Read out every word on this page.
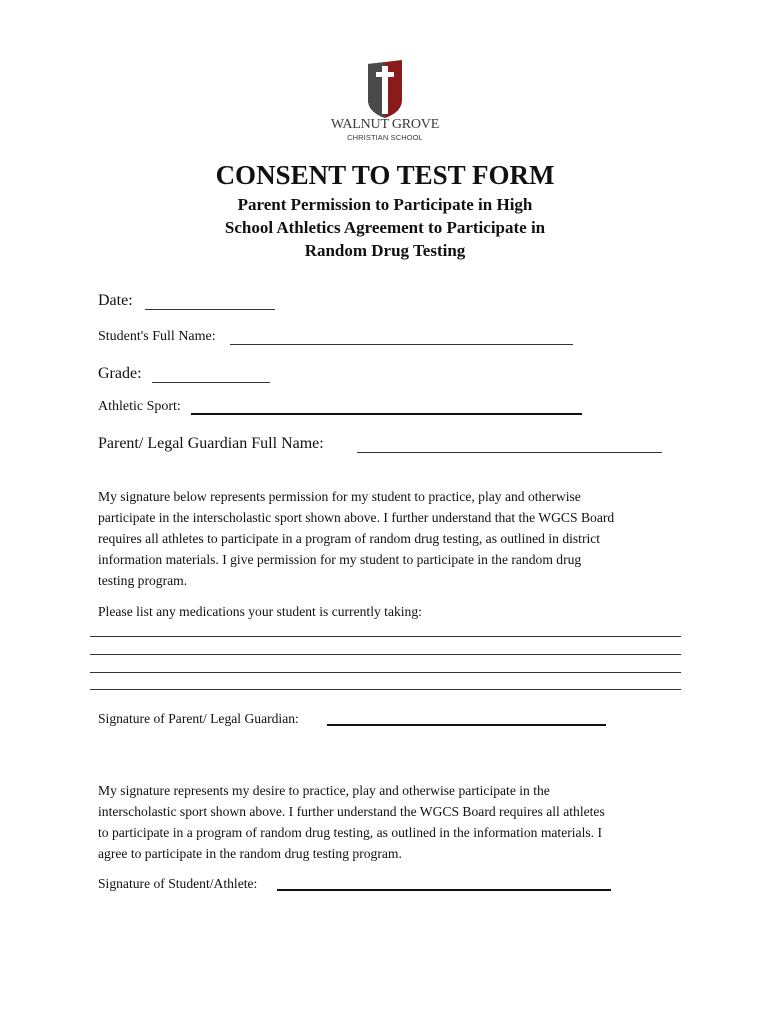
WALNUT GROVE
CHRISTIAN SCHOOL
CONSENT TO TEST FORM
Parent Permission to Participate in High
School Athletics Agreement to Participate in
Random Drug Testing
Date:
Student's Full Name:
Grade:
Athletic Sport:
Parent/ Legal Guardian Full Name:
My signature below represents permission for my student to practice, play and otherwise
participate in the interscholastic sport shown above. I further understand that the WGCS Board
requires all athletes to participate in a program of random drug testing, as outlined in district
information materials. I give permission for my student to participate in the random drug
testing program.
Please list any medications your student is currently taking:
Signature of Parent/ Legal Guardian:
My signature represents my desire to practice, play and otherwise participate in the
interscholastic sport shown above. I further understand the WGCS Board requires all athletes
to participate in a program of random drug testing, as outlined in the information materials. I
agree to participate in the random drug testing program.
Signature of Student/Athlete:
